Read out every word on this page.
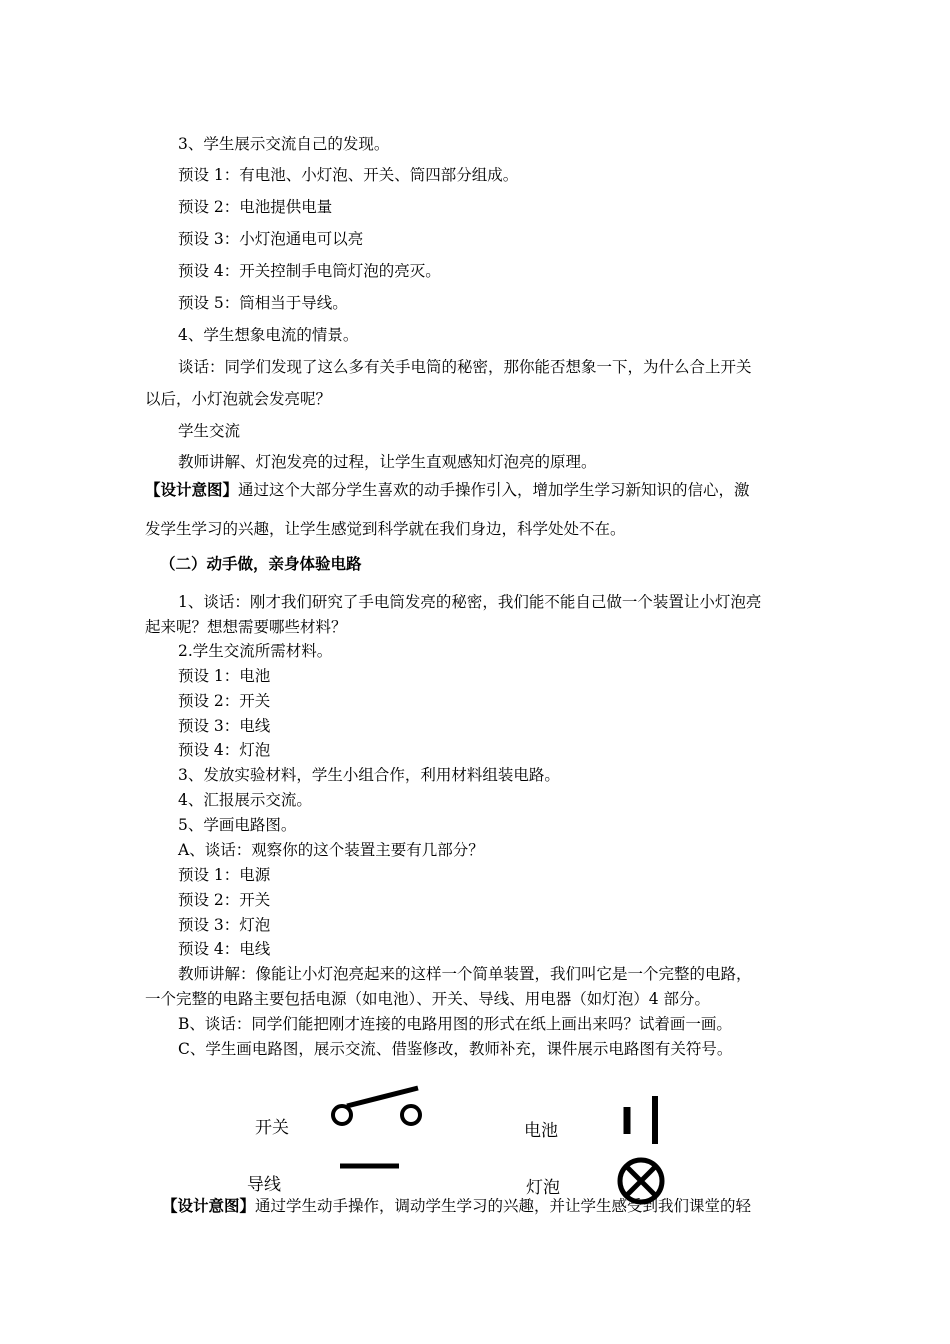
3、学生展示交流自己的发现。
预设 1：有电池、小灯泡、开关、筒四部分组成。
预设 2：电池提供电量
预设 3：小灯泡通电可以亮
预设 4：开关控制手电筒灯泡的亮灭。
预设 5：筒相当于导线。
4、学生想象电流的情景。
谈话：同学们发现了这么多有关手电筒的秘密，那你能否想象一下，为什么合上开关
以后，小灯泡就会发亮呢？
学生交流
教师讲解、灯泡发亮的过程，让学生直观感知灯泡亮的原理。
【设计意图】通过这个大部分学生喜欢的动手操作引入，增加学生学习新知识的信心，激
发学生学习的兴趣，让学生感觉到科学就在我们身边，科学处处不在。
（二）动手做，亲身体验电路
1、谈话：刚才我们研究了手电筒发亮的秘密，我们能不能自己做一个装置让小灯泡亮
起来呢？想想需要哪些材料？
2.学生交流所需材料。
预设 1：电池
预设 2：开关
预设 3：电线
预设 4：灯泡
3、发放实验材料，学生小组合作，利用材料组装电路。
4、汇报展示交流。
5、学画电路图。
A、谈话：观察你的这个装置主要有几部分？
预设 1：电源
预设 2：开关
预设 3：灯泡
预设 4：电线
教师讲解：像能让小灯泡亮起来的这样一个简单装置，我们叫它是一个完整的电路，
一个完整的电路主要包括电源（如电池）、开关、导线、用电器（如灯泡）4 部分。
B、谈话：同学们能把刚才连接的电路用图的形式在纸上画出来吗？试着画一画。
C、学生画电路图，展示交流、借鉴修改，教师补充，课件展示电路图有关符号。
开关	电池
导线	灯泡
【设计意图】通过学生动手操作，调动学生学习的兴趣，并让学生感受到我们课堂的轻
